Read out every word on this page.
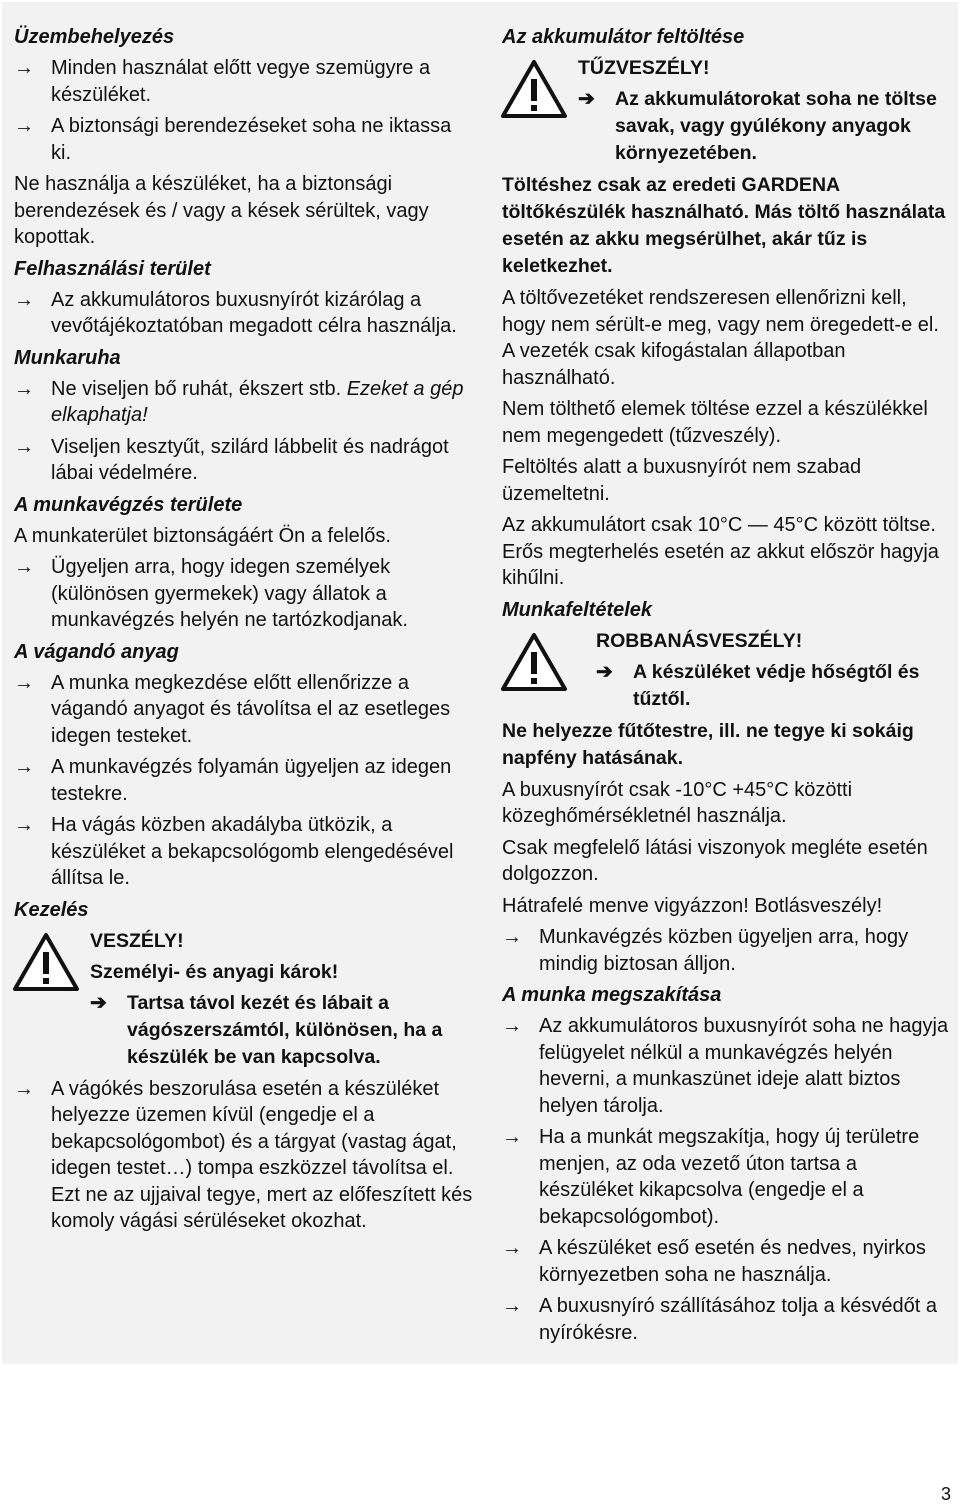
Üzembehelyezés
→ Minden használat előtt vegye szemügyre a készüléket.
→ A biztonsági berendezéseket soha ne iktassa ki.
Ne használja a készüléket, ha a biztonsági berendezések és / vagy a kések sérültek, vagy kopottak.
Felhasználási terület
→ Az akkumulátoros buxusnyírót kizárólag a vevőtájékoztatóban megadott célra használja.
Munkaruha
→ Ne viseljen bő ruhát, ékszert stb. Ezeket a gép elkaphatja!
→ Viseljen kesztyűt, szilárd lábbelit és nadrágot lábai védelmére.
A munkavégzés területe
A munkaterület biztonságáért Ön a felelős.
→ Ügyeljen arra, hogy idegen személyek (különösen gyermekek) vagy állatok a munkavégzés helyén ne tartózkodjanak.
A vágandó anyag
→ A munka megkezdése előtt ellenőrizze a vágandó anyagot és távolítsa el az esetleges idegen testeket.
→ A munkavégzés folyamán ügyeljen az idegen testekre.
→ Ha vágás közben akadályba ütközik, a készüléket a bekapcsológomb elengedésével állítsa le.
Kezelés
VESZÉLY!
Személyi- és anyagi károk!
➔ Tartsa távol kezét és lábait a vágószerszámtól, különösen, ha a készülék be van kapcsolva.
→ A vágókés beszorulása esetén a készüléket helyezze üzemen kívül (engedje el a bekapcsológombot) és a tárgyat (vastag ágat, idegen testet…) tompa eszközzel távolítsa el. Ezt ne az ujjaival tegye, mert az előfeszített kés komoly vágási sérüléseket okozhat.
Az akkumulátor feltöltése
TŰZVESZÉLY!
➔ Az akkumulátorokat soha ne töltse savak, vagy gyúlékony anyagok környezetében.
Töltéshez csak az eredeti GARDENA töltőkészülék használható. Más töltő használata esetén az akku megsérülhet, akár tűz is keletkezhet.
A töltővezetéket rendszeresen ellenőrizni kell, hogy nem sérült-e meg, vagy nem öregedett-e el. A vezeték csak kifogástalan állapotban használható.
Nem tölthető elemek töltése ezzel a készülékkel nem megengedett (tűzveszély).
Feltöltés alatt a buxusnyírót nem szabad üzemeltetni.
Az akkumulátort csak 10°C — 45°C között töltse. Erős megterhelés esetén az akkut először hagyja kihűlni.
Munkafeltételek
ROBBANÁSVESZÉLY!
➔ A készüléket védje hőségtől és tűztől.
Ne helyezze fűtőtestre, ill. ne tegye ki sokáig napfény hatásának.
A buxusnyírót csak -10°C +45°C közötti közeghőmérsékletnél használja.
Csak megfelelő látási viszonyok megléte esetén dolgozzon.
Hátrafelé menve vigyázzon! Botlásveszély!
→ Munkavégzés közben ügyeljen arra, hogy mindig biztosan álljon.
A munka megszakítása
→ Az akkumulátoros buxusnyírót soha ne hagyja felügyelet nélkül a munkavégzés helyén heverni, a munkaszünet ideje alatt biztos helyen tárolja.
→ Ha a munkát megszakítja, hogy új területre menjen, az oda vezető úton tartsa a készüléket kikapcsolva (engedje el a bekapcsológombot).
→ A készüléket eső esetén és nedves, nyirkos környezetben soha ne használja.
→ A buxusnyíró szállításához tolja a késvédőt a nyírókésre.
3
